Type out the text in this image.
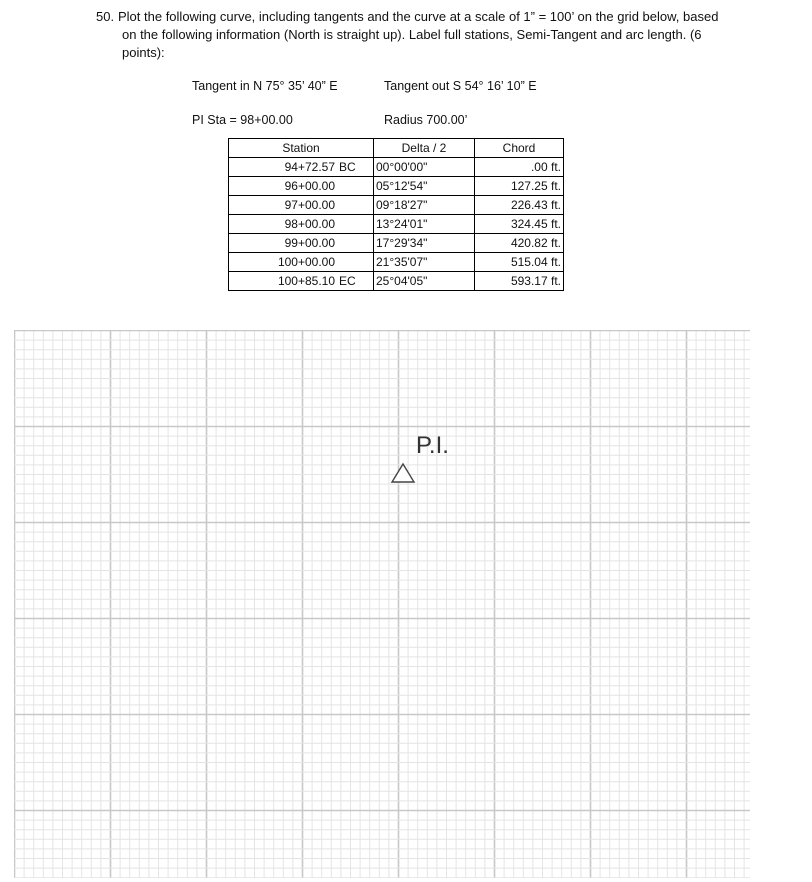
50. Plot the following curve, including tangents and the curve at a scale of 1” = 100’ on the grid below, based on the following information (North is straight up). Label full stations, Semi-Tangent and arc length. (6 points):
Tangent in N 75° 35’ 40” E	Tangent out S 54° 16’ 10” E
PI Sta = 98+00.00	Radius 700.00’
Station	Delta / 2	Chord
94+72.57 BC	00°00'00"	.00 ft.
96+00.00	05°12'54"	127.25 ft.
97+00.00	09°18'27"	226.43 ft.
98+00.00	13°24'01"	324.45 ft.
99+00.00	17°29'34"	420.82 ft.
100+00.00	21°35'07"	515.04 ft.
100+85.10 EC	25°04'05"	593.17 ft.
P.I.
